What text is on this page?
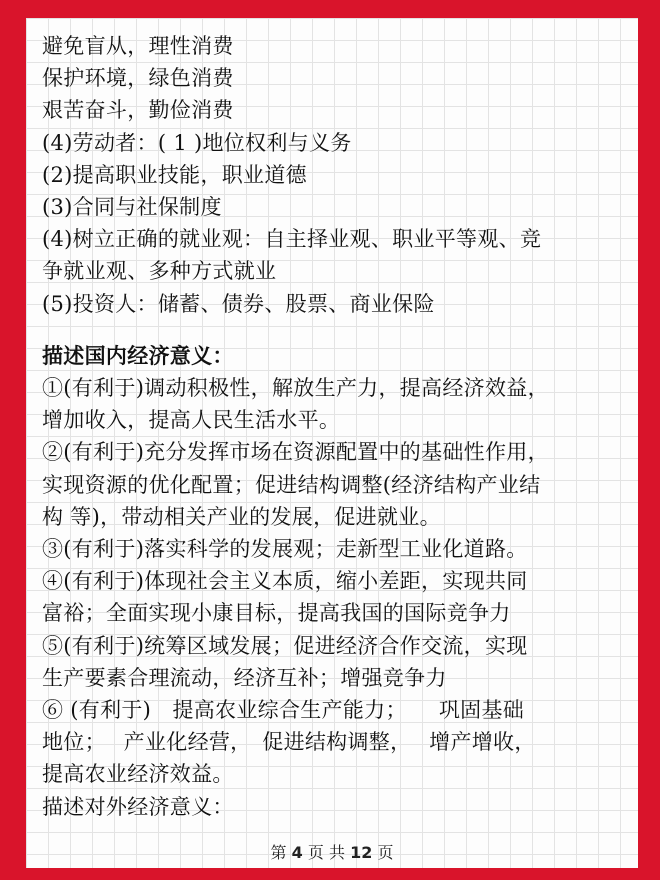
避免盲从，理性消费
保护环境，绿色消费
艰苦奋斗，勤俭消费
(4)劳动者：( 1 )地位权利与义务
(2)提高职业技能，职业道德
(3)合同与社保制度
(4)树立正确的就业观：自主择业观、职业平等观、竞
争就业观、多种方式就业
(5)投资人：储蓄、债券、股票、商业保险
描述国内经济意义：
①(有利于)调动积极性，解放生产力，提高经济效益，
增加收入，提高人民生活水平。
②(有利于)充分发挥市场在资源配置中的基础性作用，
实现资源的优化配置；促进结构调整(经济结构产业结
构 等)，带动相关产业的发展，促进就业。
③(有利于)落实科学的发展观；走新型工业化道路。
④(有利于)体现社会主义本质，缩小差距，实现共同
富裕；全面实现小康目标，提高我国的国际竞争力
⑤(有利于)统筹区域发展；促进经济合作交流，实现
生产要素合理流动，经济互补；增强竞争力
⑥ (有利于)　提高农业综合生产能力；　　巩固基础
地位；　 产业化经营，　促进结构调整，　 增产增收，
提高农业经济效益。
描述对外经济意义：
第 4 页 共 12 页
